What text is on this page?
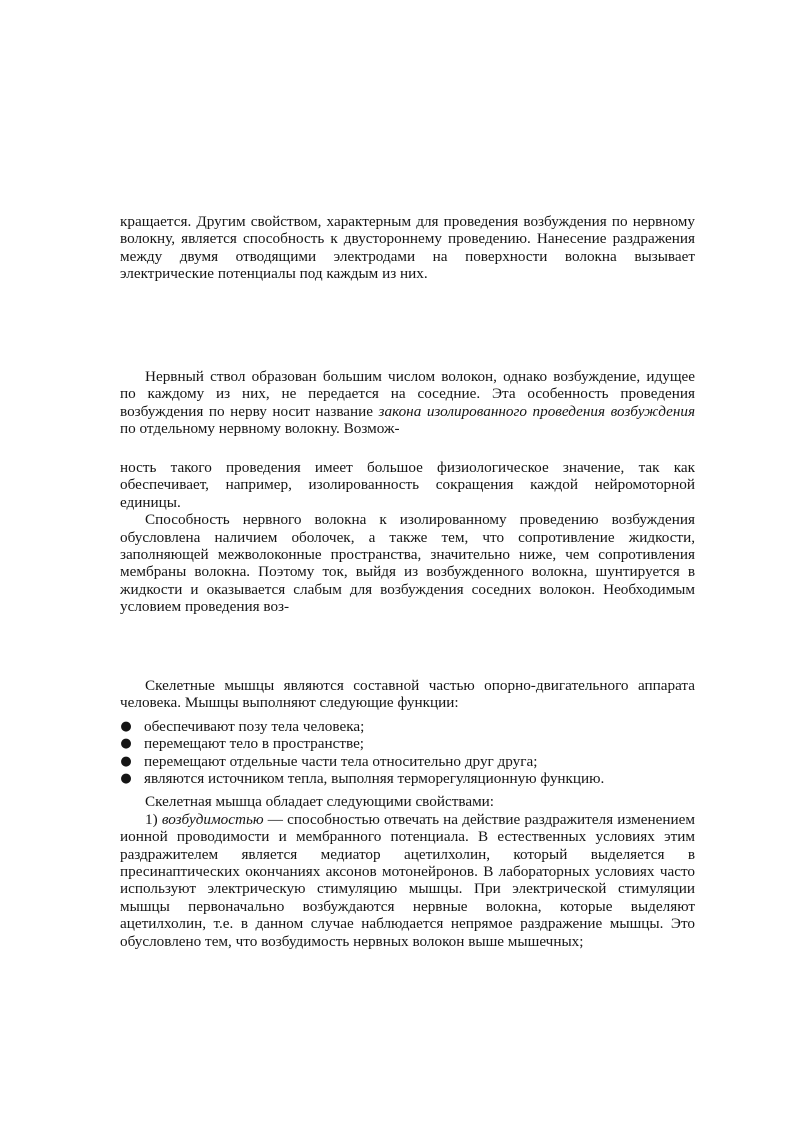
кращается. Другим свойством, характерным для проведения возбуждения по нервному волокну, является способность к двустороннему проведению. Нанесение раздражения между двумя отводящими электродами на поверхности волокна вызывает электрические потенциалы под каждым из них.

Нервный ствол образован большим числом волокон, однако возбуждение, идущее по каждому из них, не передается на соседние. Эта особенность проведения возбуждения по нерву носит название закона изолированного проведения возбуждения по отдельному нервному волокну. Возмож-

ность такого проведения имеет большое физиологическое значение, так как обеспечивает, например, изолированность сокращения каждой нейромоторной единицы.

Способность нервного волокна к изолированному проведению возбуждения обусловлена наличием оболочек, а также тем, что сопротивление жидкости, заполняющей межволоконные пространства, значительно ниже, чем сопротивления мембраны волокна. Поэтому ток, выйдя из возбужденного волокна, шунтируется в жидкости и оказывается слабым для возбуждения соседних волокон. Необходимым условием проведения воз-

Скелетные мышцы являются составной частью опорно-двигательного аппарата человека. Мышцы выполняют следующие функции:

● обеспечивают позу тела человека;
● перемещают тело в пространстве;
● перемещают отдельные части тела относительно друг друга;
● являются источником тепла, выполняя терморегуляционную функцию.

Скелетная мышца обладает следующими свойствами:

1) возбудимостью — способностью отвечать на действие раздражителя изменением ионной проводимости и мембранного потенциала. В естественных условиях этим раздражителем является медиатор ацетилхолин, который выделяется в пресинаптических окончаниях аксонов мотонейронов. В лабораторных условиях часто используют электрическую стимуляцию мышцы. При электрической стимуляции мышцы первоначально возбуждаются нервные волокна, которые выделяют ацетилхолин, т.е. в данном случае наблюдается непрямое раздражение мышцы. Это обусловлено тем, что возбудимость нервных волокон выше мышечных;
